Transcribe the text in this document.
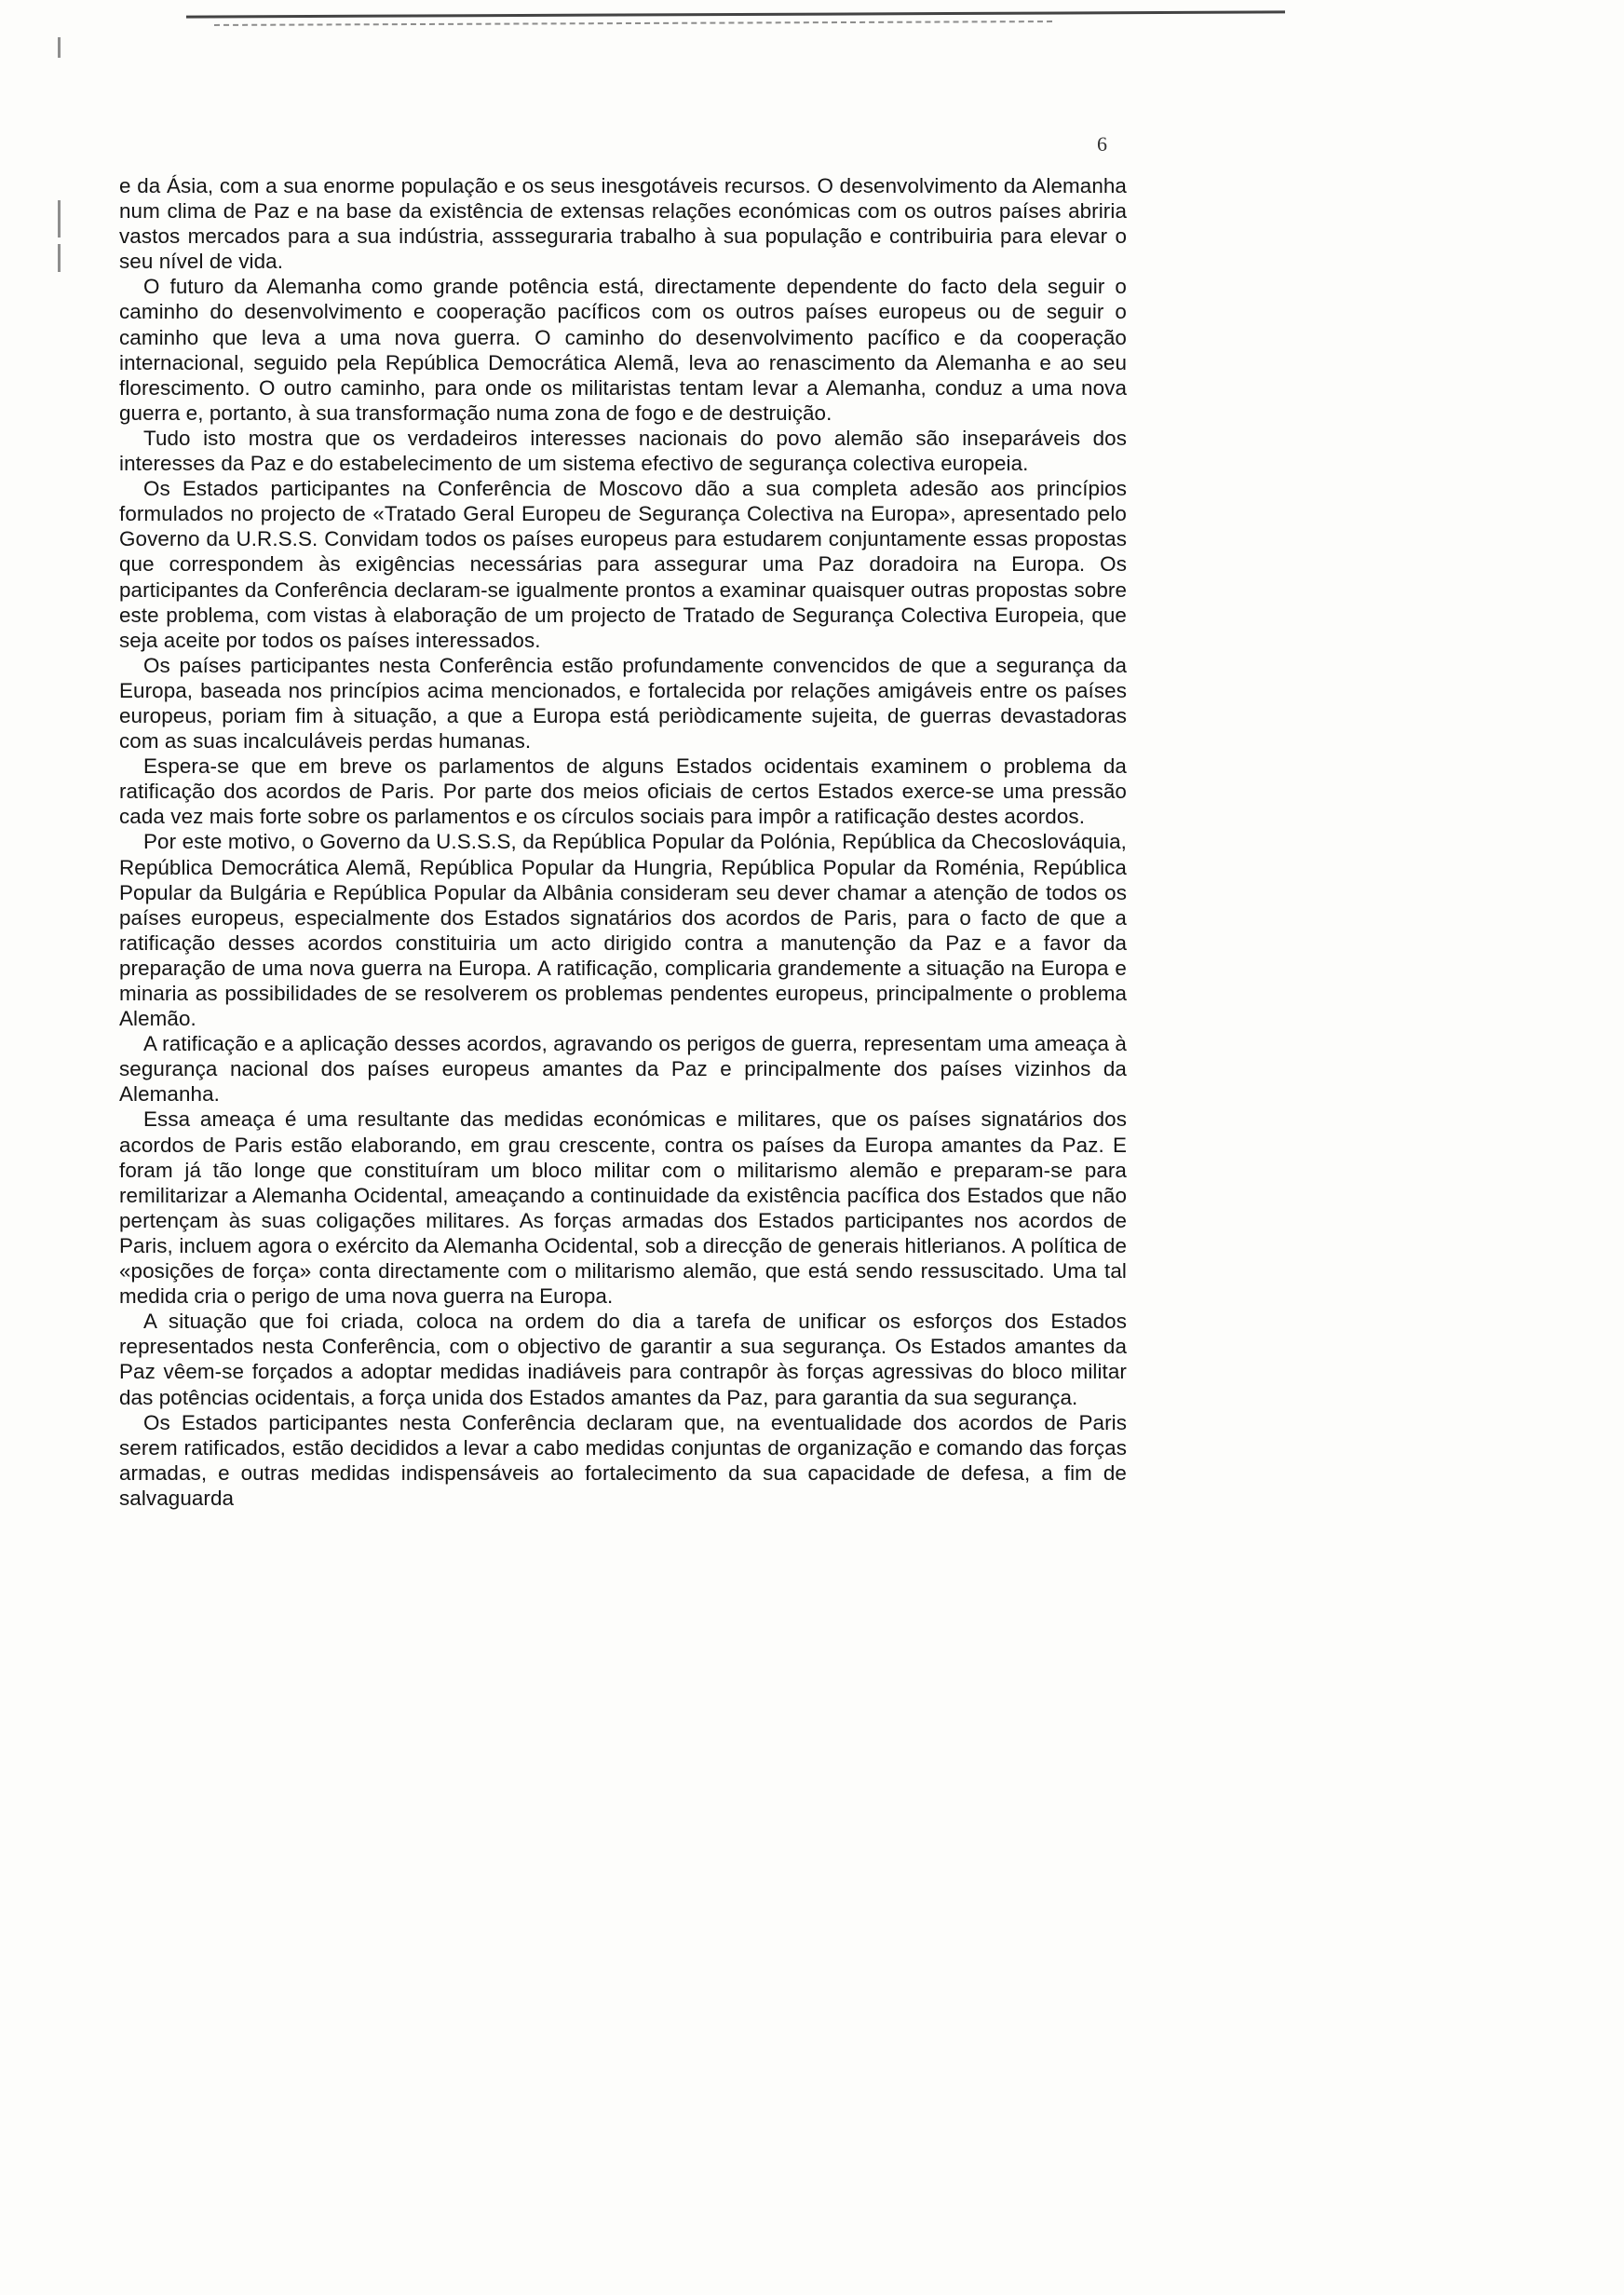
6

e da Ásia, com a sua enorme população e os seus inesgotáveis recursos. O desenvolvimento da Alemanha num clima de Paz e na base da existência de extensas relações económicas com os outros países abriria vastos mercados para a sua indústria, assseguraria trabalho à sua população e contribuiria para elevar o seu nível de vida.

O futuro da Alemanha como grande potência está, directamente dependente do facto dela seguir o caminho do desenvolvimento e cooperação pacíficos com os outros países europeus ou de seguir o caminho que leva a uma nova guerra. O caminho do desenvolvimento pacífico e da cooperação internacional, seguido pela República Democrática Alemã, leva ao renascimento da Alemanha e ao seu florescimento. O outro caminho, para onde os militaristas tentam levar a Alemanha, conduz a uma nova guerra e, portanto, à sua transformação numa zona de fogo e de destruição.

Tudo isto mostra que os verdadeiros interesses nacionais do povo alemão são inseparáveis dos interesses da Paz e do estabelecimento de um sistema efectivo de segurança colectiva europeia.

Os Estados participantes na Conferência de Moscovo dão a sua completa adesão aos princípios formulados no projecto de «Tratado Geral Europeu de Segurança Colectiva na Europa», apresentado pelo Governo da U.R.S.S. Convidam todos os países europeus para estudarem conjuntamente essas propostas que correspondem às exigências necessárias para assegurar uma Paz doradoira na Europa. Os participantes da Conferência declaram-se igualmente prontos a examinar quaisquer outras propostas sobre este problema, com vistas à elaboração de um projecto de Tratado de Segurança Colectiva Europeia, que seja aceite por todos os países interessados.

Os países participantes nesta Conferência estão profundamente convencidos de que a segurança da Europa, baseada nos princípios acima mencionados, e fortalecida por relações amigáveis entre os países europeus, poriam fim à situação, a que a Europa está periòdicamente sujeita, de guerras devastadoras com as suas incalculáveis perdas humanas.

Espera-se que em breve os parlamentos de alguns Estados ocidentais examinem o problema da ratificação dos acordos de Paris. Por parte dos meios oficiais de certos Estados exerce-se uma pressão cada vez mais forte sobre os parlamentos e os círculos sociais para impôr a ratificação destes acordos.

Por este motivo, o Governo da U.S.S.S, da República Popular da Polónia, República da Checoslováquia, República Democrática Alemã, República Popular da Hungria, República Popular da Roménia, República Popular da Bulgária e República Popular da Albânia consideram seu dever chamar a atenção de todos os países europeus, especialmente dos Estados signatários dos acordos de Paris, para o facto de que a ratificação desses acordos constituiria um acto dirigido contra a manutenção da Paz e a favor da preparação de uma nova guerra na Europa. A ratificação, complicaria grandemente a situação na Europa e minaria as possibilidades de se resolverem os problemas pendentes europeus, principalmente o problema Alemão.

A ratificação e a aplicação desses acordos, agravando os perigos de guerra, representam uma ameaça à segurança nacional dos países europeus amantes da Paz e principalmente dos países vizinhos da Alemanha.

Essa ameaça é uma resultante das medidas económicas e militares, que os países signatários dos acordos de Paris estão elaborando, em grau crescente, contra os países da Europa amantes da Paz. E foram já tão longe que constituíram um bloco militar com o militarismo alemão e preparam-se para remilitarizar a Alemanha Ocidental, ameaçando a continuidade da existência pacífica dos Estados que não pertençam às suas coligações militares. As forças armadas dos Estados participantes nos acordos de Paris, incluem agora o exército da Alemanha Ocidental, sob a direcção de generais hitlerianos. A política de «posições de força» conta directamente com o militarismo alemão, que está sendo ressuscitado. Uma tal medida cria o perigo de uma nova guerra na Europa.

A situação que foi criada, coloca na ordem do dia a tarefa de unificar os esforços dos Estados representados nesta Conferência, com o objectivo de garantir a sua segurança. Os Estados amantes da Paz vêem-se forçados a adoptar medidas inadiáveis para contrapôr às forças agressivas do bloco militar das potências ocidentais, a força unida dos Estados amantes da Paz, para garantia da sua segurança.

Os Estados participantes nesta Conferência declaram que, na eventualidade dos acordos de Paris serem ratificados, estão decididos a levar a cabo medidas conjuntas de organização e comando das forças armadas, e outras medidas indispensáveis ao fortalecimento da sua capacidade de defesa, a fim de salvaguarda
